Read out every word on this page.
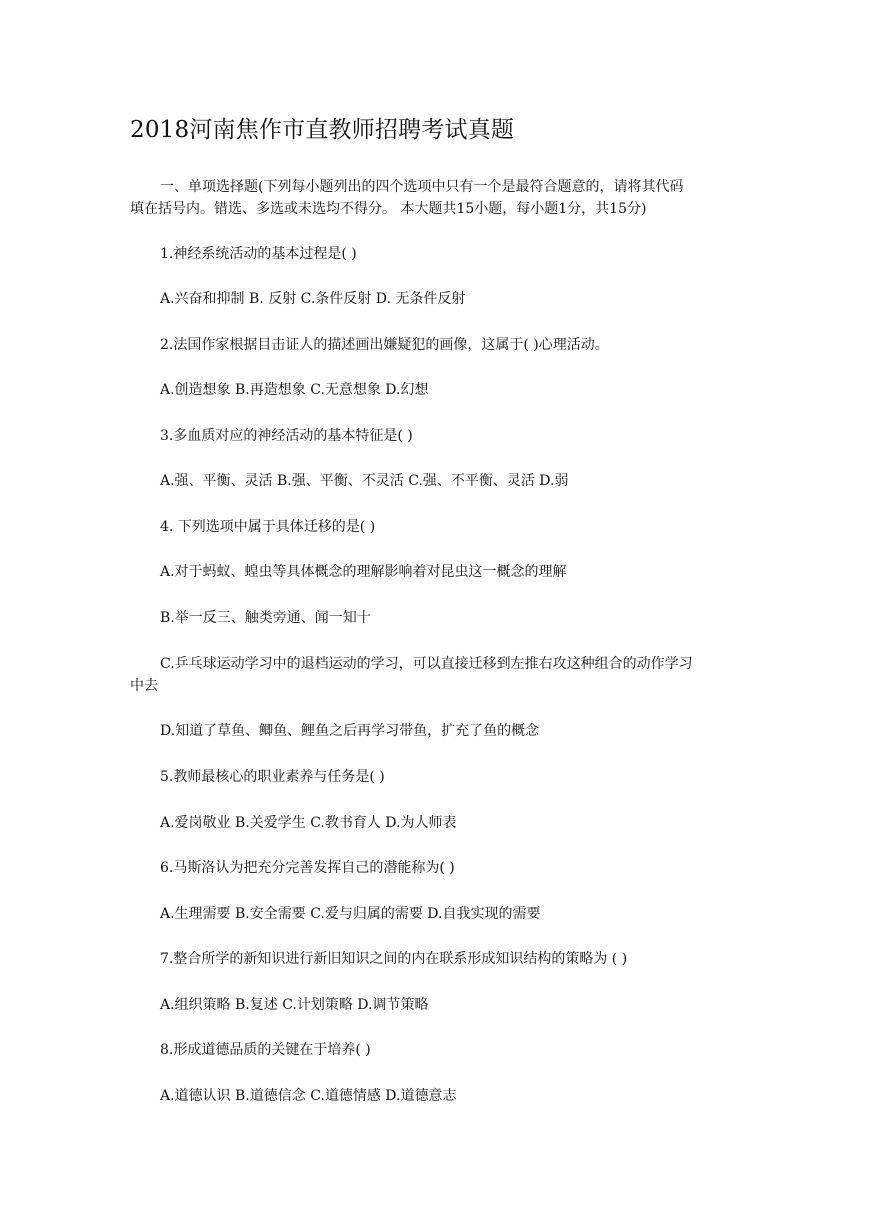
2018河南焦作市直教师招聘考试真题
一、单项选择题(下列每小题列出的四个选项中只有一个是最符合题意的，请将其代码
填在括号内。错选、多选或未选均不得分。 本大题共15小题，每小题1分，共15分)
1.神经系统活动的基本过程是( )
A.兴奋和抑制 B. 反射 C.条件反射 D. 无条件反射
2.法国作家根据目击证人的描述画出嫌疑犯的画像，这属于( )心理活动。
A.创造想象 B.再造想象 C.无意想象 D.幻想
3.多血质对应的神经活动的基本特征是( )
A.强、平衡、灵活 B.强、平衡、不灵活 C.强、不平衡、灵活 D.弱
4. 下列选项中属于具体迁移的是( )
A.对于蚂蚁、蝗虫等具体概念的理解影响着对昆虫这一概念的理解
B.举一反三、触类旁通、闻一知十
C.乒乓球运动学习中的退档运动的学习，可以直接迁移到左推右攻这种组合的动作学习
中去
D.知道了草鱼、鲫鱼、鲤鱼之后再学习带鱼，扩充了鱼的概念
5.教师最核心的职业素养与任务是( )
A.爱岗敬业 B.关爱学生 C.教书育人 D.为人师表
6.马斯洛认为把充分完善发挥自己的潜能称为( )
A.生理需要 B.安全需要 C.爱与归属的需要 D.自我实现的需要
7.整合所学的新知识进行新旧知识之间的内在联系形成知识结构的策略为 ( )
A.组织策略 B.复述 C.计划策略 D.调节策略
8.形成道德品质的关键在于培养( )
A.道德认识 B.道德信念 C.道德情感 D.道德意志
